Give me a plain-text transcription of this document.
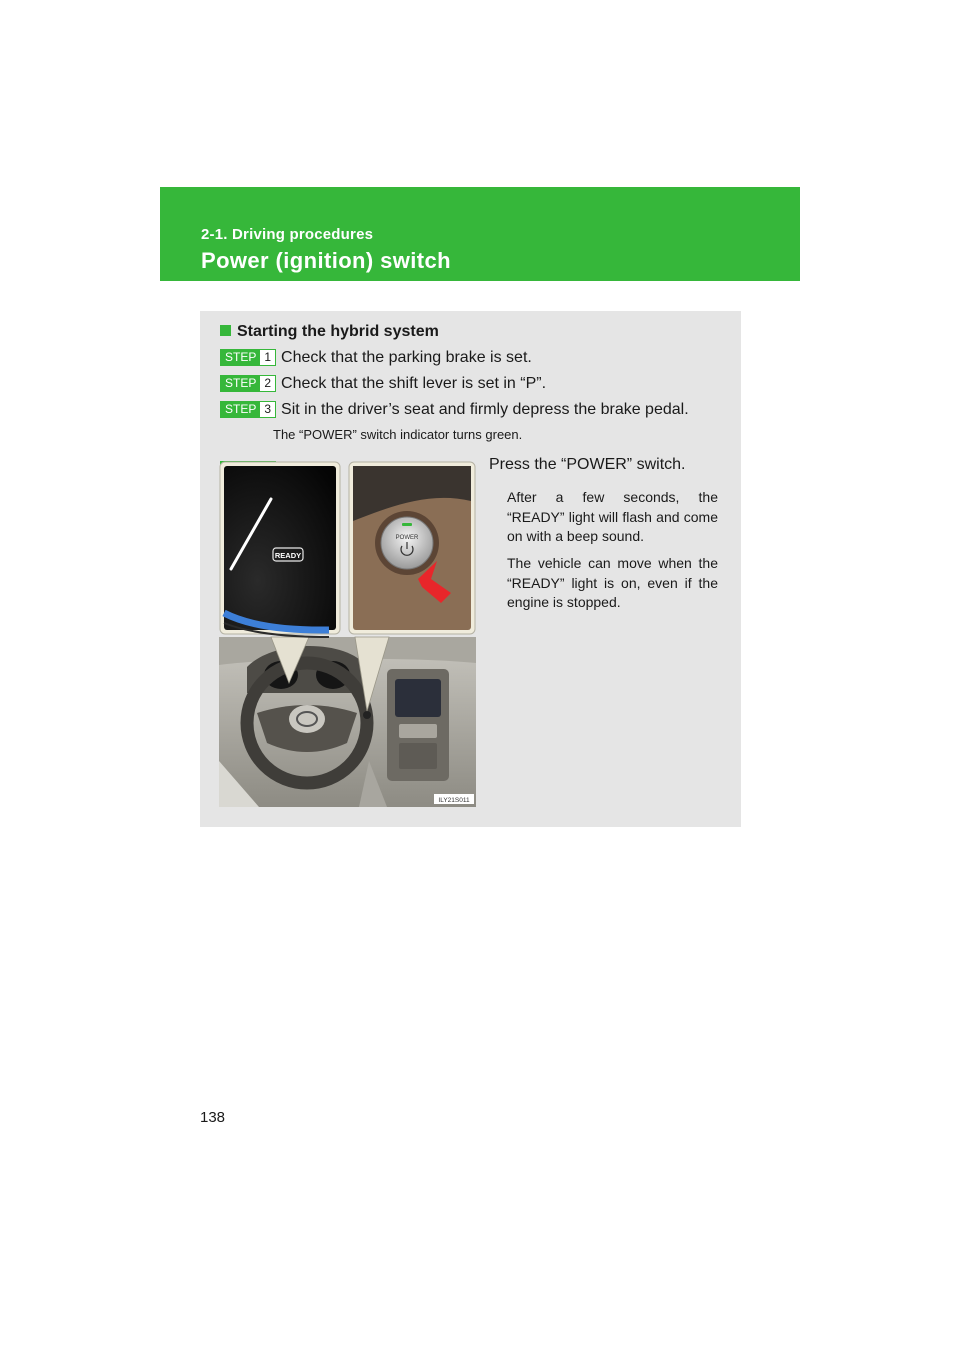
2-1. Driving procedures
Power (ignition) switch
Starting the hybrid system
STEP 1 Check that the parking brake is set.
STEP 2 Check that the shift lever is set in “P”.
STEP 3 Sit in the driver’s seat and firmly depress the brake pedal.
The “POWER” switch indicator turns green.
Press the “POWER” switch.
After a few seconds, the “READY” light will flash and come on with a beep sound.
The vehicle can move when the “READY” light is on, even if the engine is stopped.
READY
POWER
ILY21S011
138
